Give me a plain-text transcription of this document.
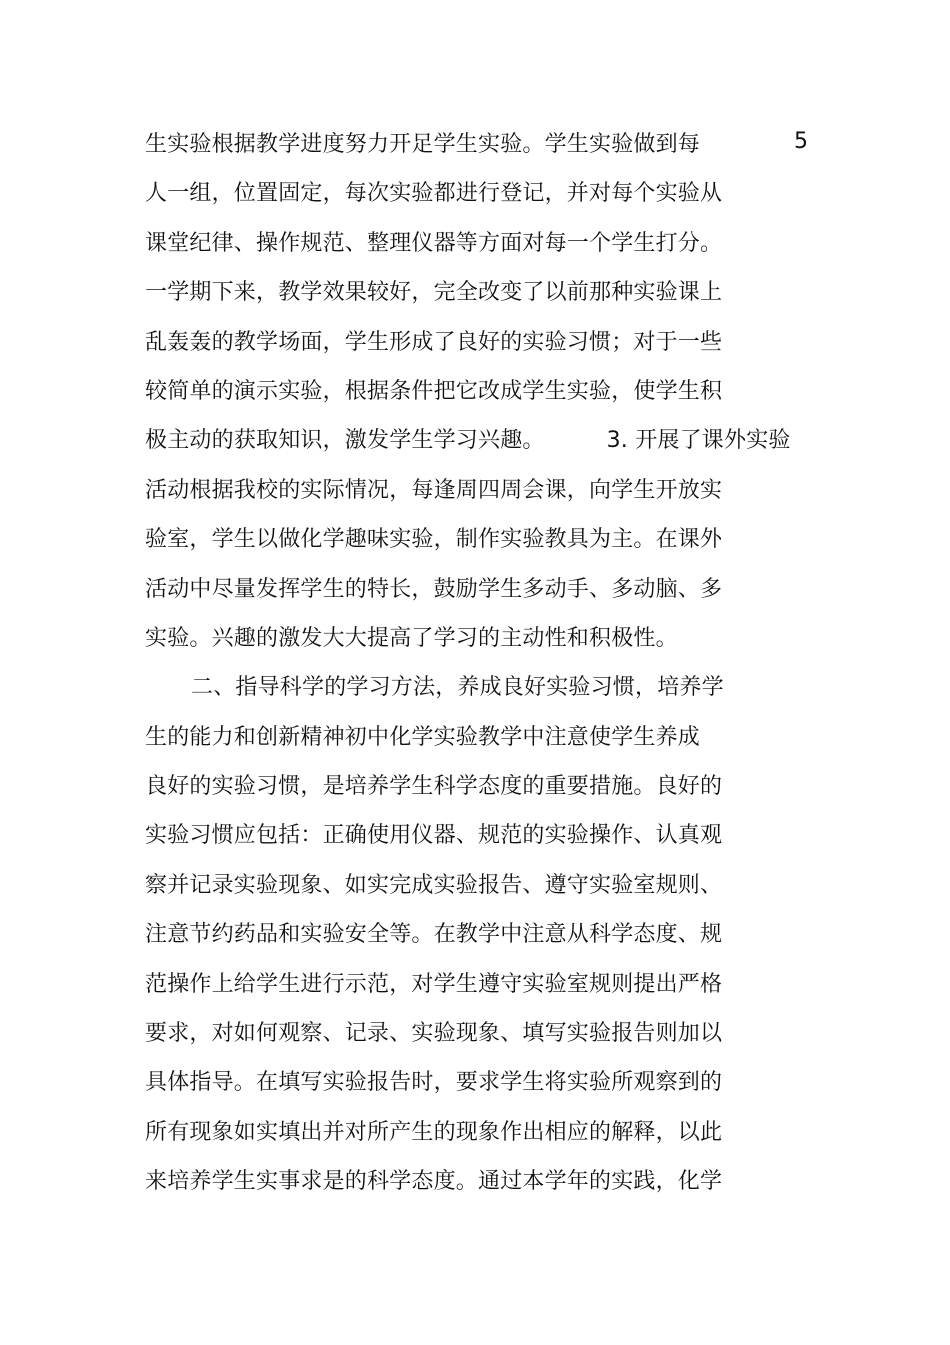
5
生实验根据教学进度努力开足学生实验。学生实验做到每
人一组，位置固定，每次实验都进行登记，并对每个实验从
课堂纪律、操作规范、整理仪器等方面对每一个学生打分。
一学期下来，教学效果较好，完全改变了以前那种实验课上
乱轰轰的教学场面，学生形成了良好的实验习惯；对于一些
较简单的演示实验，根据条件把它改成学生实验，使学生积
极主动的获取知识，激发学生学习兴趣。	3. 开展了课外实验
活动根据我校的实际情况，每逢周四周会课，向学生开放实
验室，学生以做化学趣味实验，制作实验教具为主。在课外
活动中尽量发挥学生的特长，鼓励学生多动手、多动脑、多
实验。兴趣的激发大大提高了学习的主动性和积极性。
二、指导科学的学习方法，养成良好实验习惯，培养学
生的能力和创新精神初中化学实验教学中注意使学生养成
良好的实验习惯，是培养学生科学态度的重要措施。良好的
实验习惯应包括：正确使用仪器、规范的实验操作、认真观
察并记录实验现象、如实完成实验报告、遵守实验室规则、
注意节约药品和实验安全等。在教学中注意从科学态度、规
范操作上给学生进行示范，对学生遵守实验室规则提出严格
要求，对如何观察、记录、实验现象、填写实验报告则加以
具体指导。在填写实验报告时，要求学生将实验所观察到的
所有现象如实填出并对所产生的现象作出相应的解释，以此
来培养学生实事求是的科学态度。通过本学年的实践，化学
